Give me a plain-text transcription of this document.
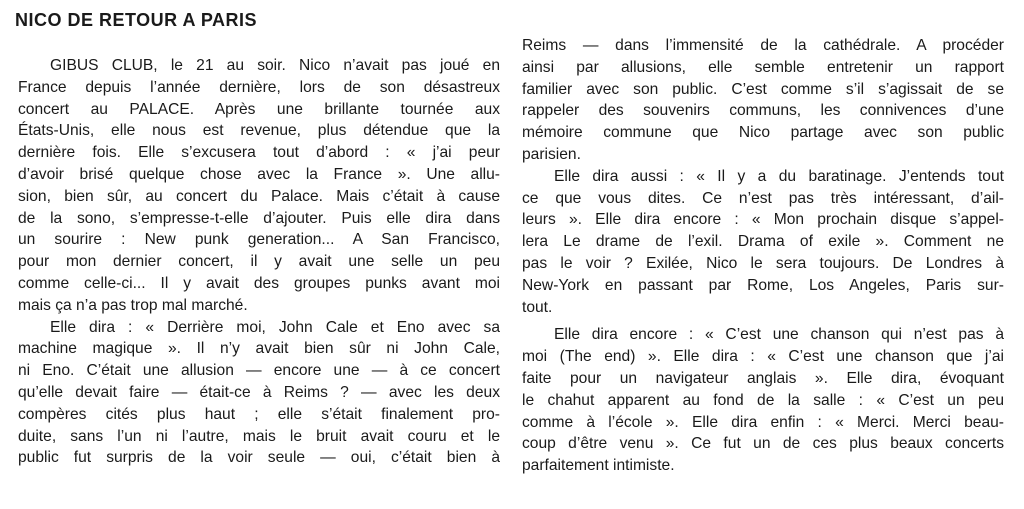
NICO DE RETOUR A PARIS
GIBUS CLUB, le 21 au soir. Nico n’avait pas joué en
France depuis l’année dernière, lors de son désastreux
concert au PALACE. Après une brillante tournée aux
États-Unis, elle nous est revenue, plus détendue que la
dernière fois. Elle s’excusera tout d’abord : « j’ai peur
d’avoir brisé quelque chose avec la France ». Une allu-
sion, bien sûr, au concert du Palace. Mais c’était à cause
de la sono, s’empresse-t-elle d’ajouter. Puis elle dira dans
un sourire : New punk generation... A San Francisco,
pour mon dernier concert, il y avait une selle un peu
comme celle-ci... Il y avait des groupes punks avant moi
mais ça n’a pas trop mal marché.
Elle dira : « Derrière moi, John Cale et Eno avec sa
machine magique ». Il n’y avait bien sûr ni John Cale,
ni Eno. C’était une allusion — encore une — à ce concert
qu’elle devait faire — était-ce à Reims ? — avec les deux
compères cités plus haut ; elle s’était finalement pro-
duite, sans l’un ni l’autre, mais le bruit avait couru et le
public fut surpris de la voir seule — oui, c’était bien à
Reims — dans l’immensité de la cathédrale. A procéder
ainsi par allusions, elle semble entretenir un rapport
familier avec son public. C’est comme s’il s’agissait de se
rappeler des souvenirs communs, les connivences d’une
mémoire commune que Nico partage avec son public
parisien.
Elle dira aussi : « Il y a du baratinage. J’entends tout
ce que vous dites. Ce n’est pas très intéressant, d’ail-
leurs ». Elle dira encore : « Mon prochain disque s’appel-
lera Le drame de l’exil. Drama of exile ». Comment ne
pas le voir ? Exilée, Nico le sera toujours. De Londres à
New-York en passant par Rome, Los Angeles, Paris sur-
tout.
Elle dira encore : « C’est une chanson qui n’est pas à
moi (The end) ». Elle dira : « C’est une chanson que j’ai
faite pour un navigateur anglais ». Elle dira, évoquant
le chahut apparent au fond de la salle : « C’est un peu
comme à l’école ». Elle dira enfin : « Merci. Merci beau-
coup d’être venu ». Ce fut un de ces plus beaux concerts
parfaitement intimiste.
